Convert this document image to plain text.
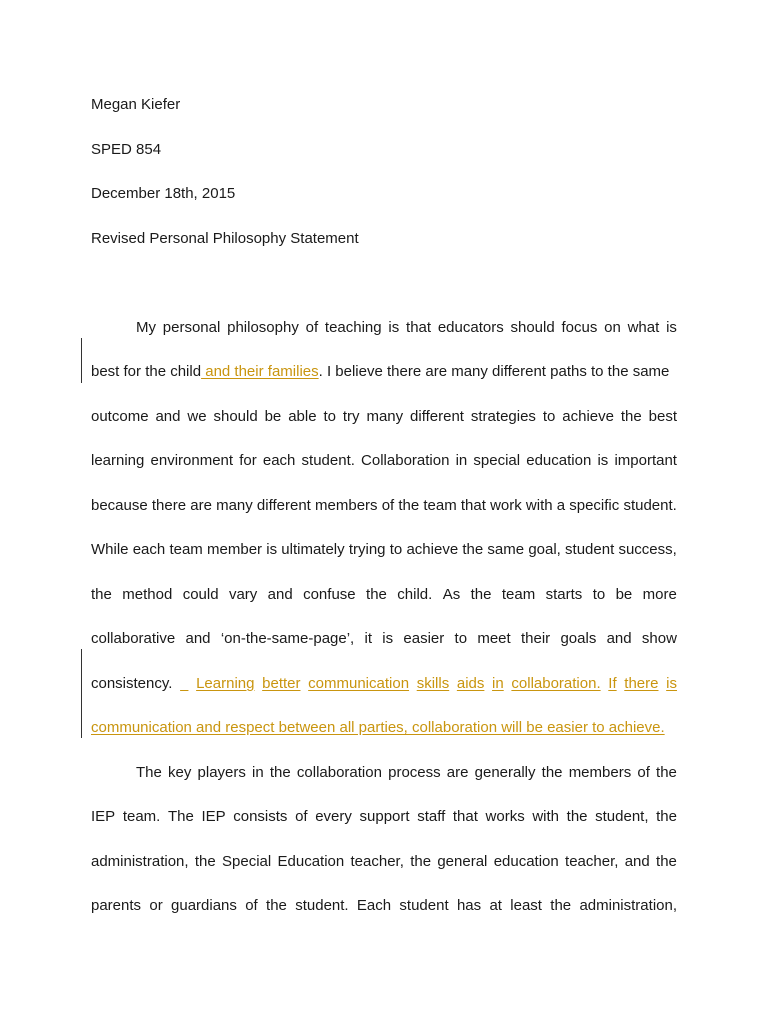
Megan Kiefer
SPED 854
December 18th, 2015
Revised Personal Philosophy Statement
My personal philosophy of teaching is that educators should focus on what is
best for the child and their families. I believe there are many different paths to the same
outcome and we should be able to try many different strategies to achieve the best
learning environment for each student. Collaboration in special education is important
because there are many different members of the team that work with a specific student.
While each team member is ultimately trying to achieve the same goal, student success,
the method could vary and confuse the child. As the team starts to be more
collaborative and ‘on-the-same-page’, it is easier to meet their goals and show
consistency.
Learning better communication skills aids in collaboration. If there is
communication and respect between all parties, collaboration will be easier to achieve.
The key players in the collaboration process are generally the members of the
IEP team. The IEP consists of every support staff that works with the student, the
administration, the Special Education teacher, the general education teacher, and the
parents or guardians of the student. Each student has at least the administration,
